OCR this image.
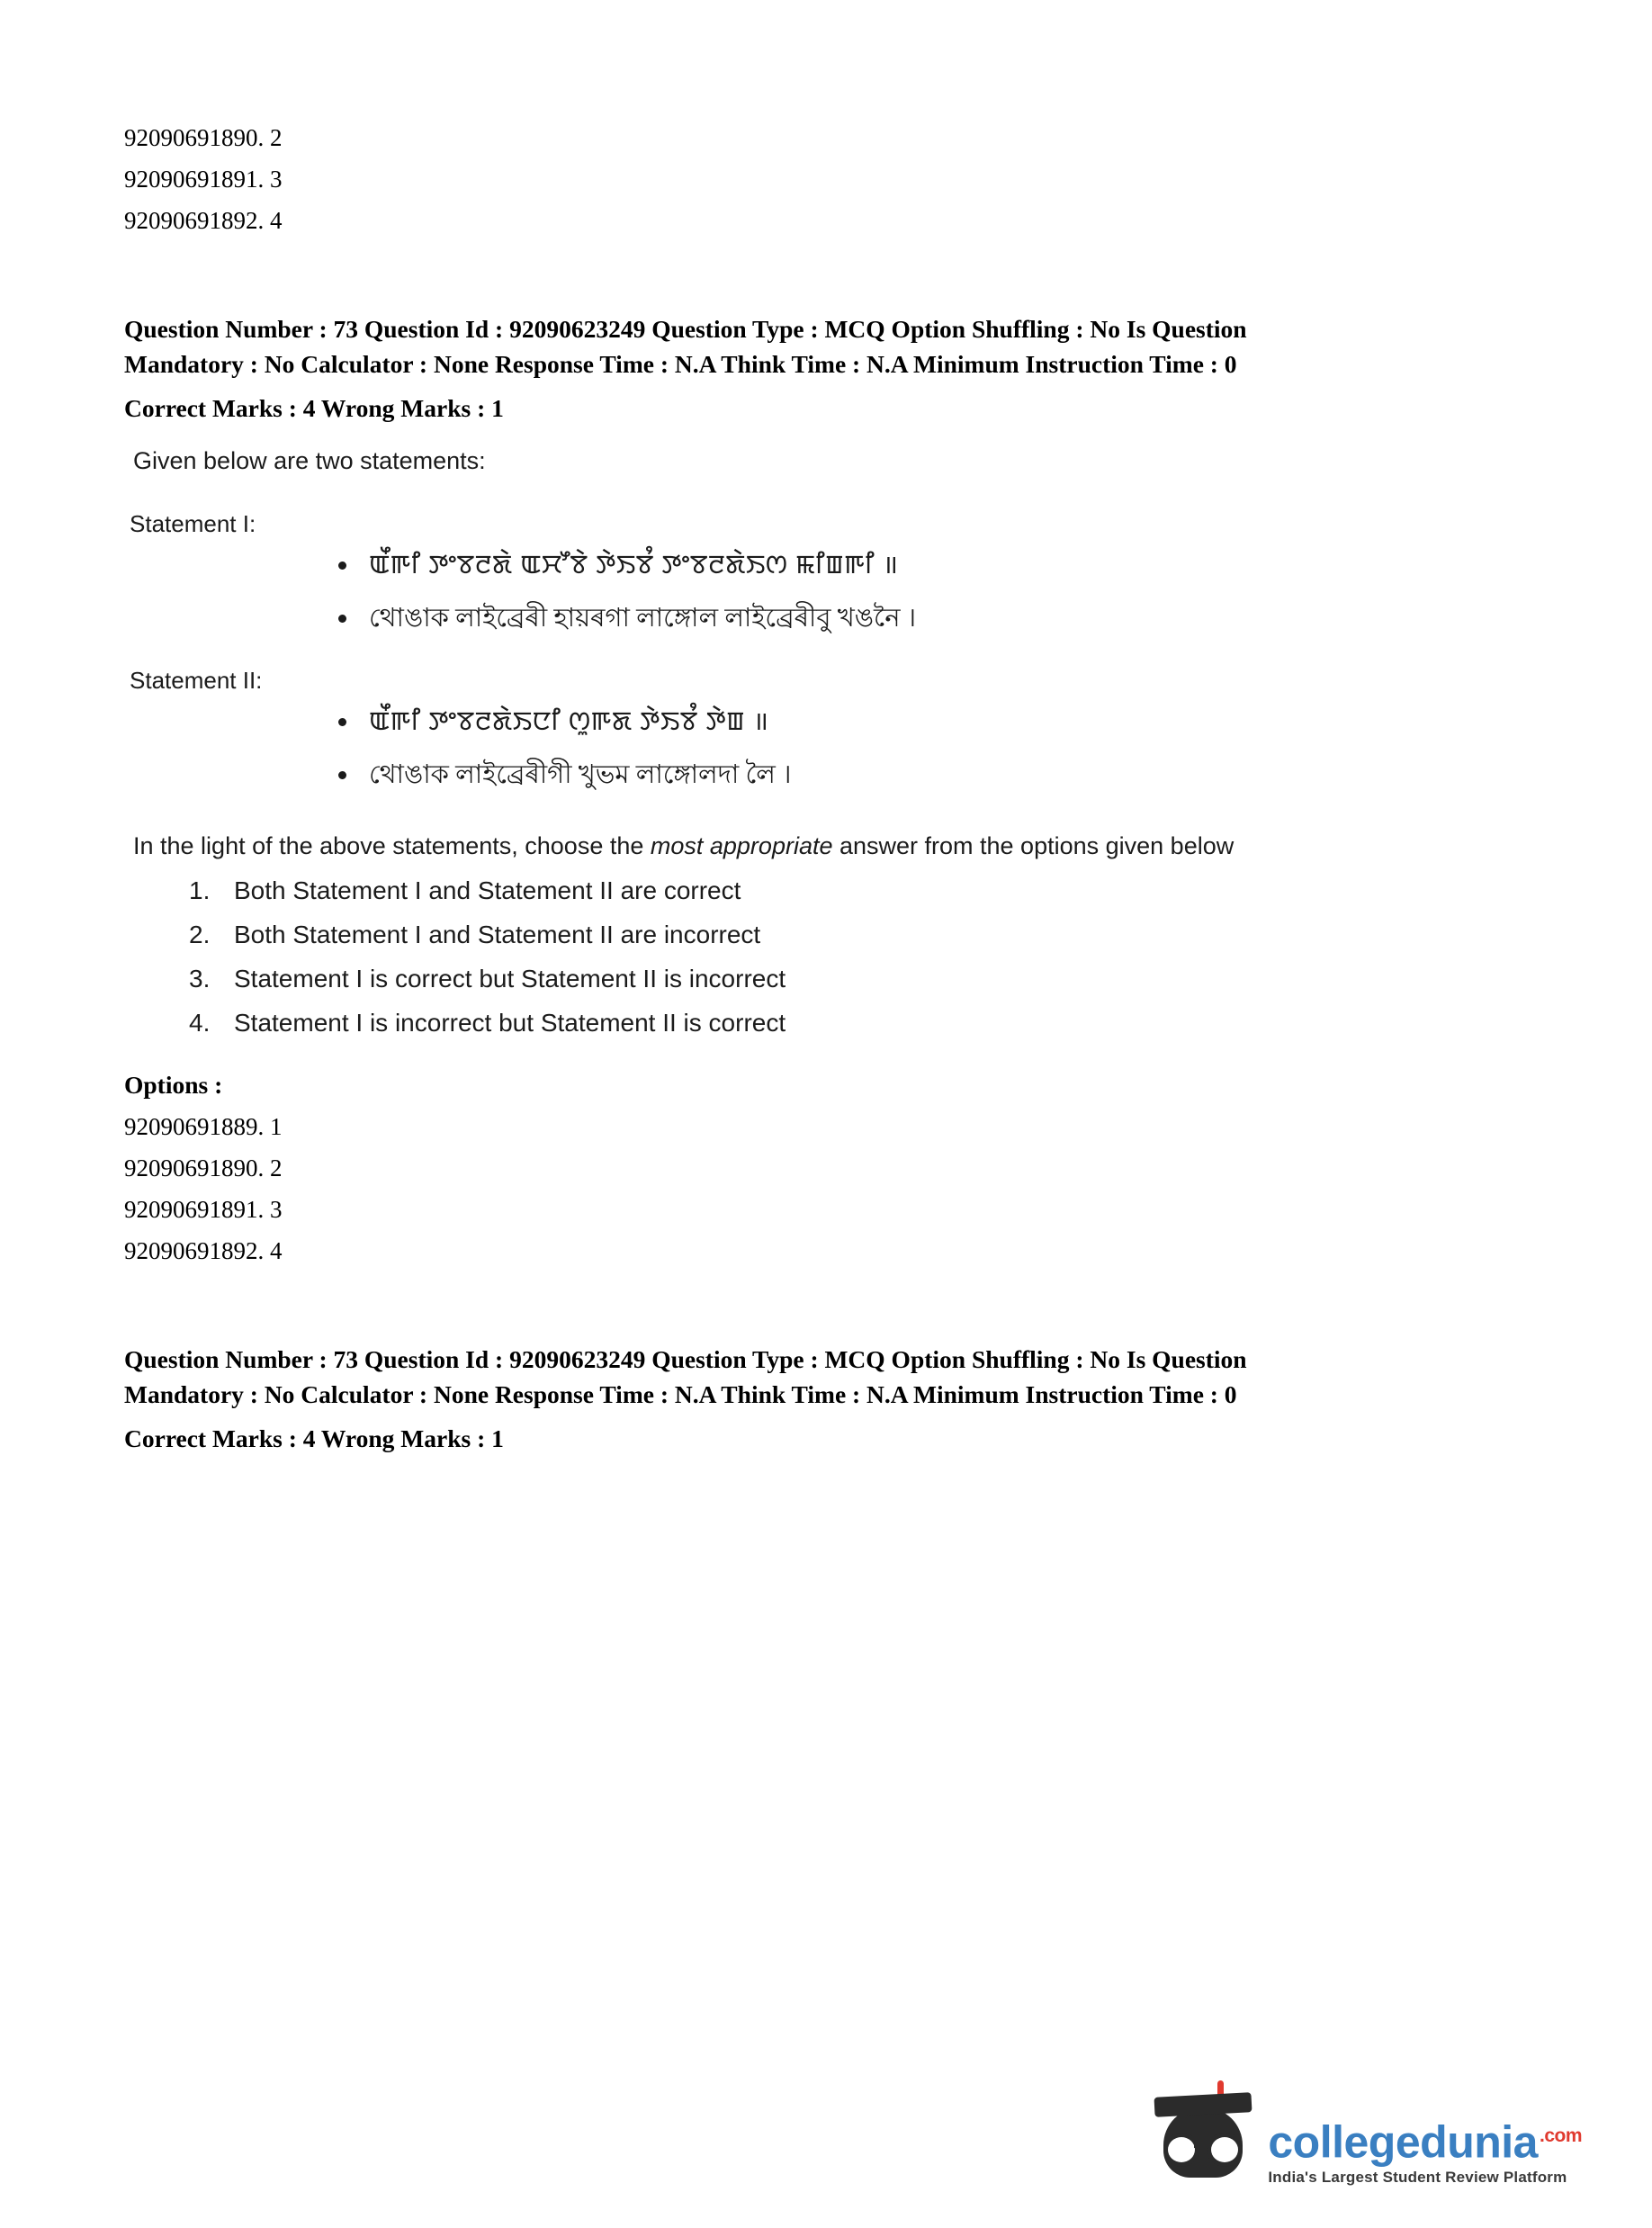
92090691890. 2
92090691891. 3
92090691892. 4
Question Number : 73 Question Id : 92090623249 Question Type : MCQ Option Shuffling : No Is Question
Mandatory : No Calculator : None Response Time : N.A Think Time : N.A Minimum Instruction Time : 0
Correct Marks : 4 Wrong Marks : 1
Given below are two statements:
Statement I:
ꯑꯩꯒꯤ ꯇꯦꯕꯂꯗꯥ ꯑꯆꯧꯕꯥ ꯇꯥꯏꯕꯪ ꯇꯦꯕꯂꯗꯥꯏꯁ ꯃꯤꯡꯒꯤ ॥
থোঙাক লাইব্ৰেৰী হায়ৰগা লাঙ্গোল লাইব্ৰেৰীবু খঙনৈ ।
Statement II:
ꯑꯩꯒꯤ ꯇꯦꯕꯂꯗꯥꯏꯅꯤ ꯁꯨꯒꯗ ꯇꯥꯏꯕꯪ ꯇꯥꯡ ॥
থোঙাক লাইব্ৰেৰীগী খুভম লাঙ্গোলদা লৈ ।
In the light of the above statements, choose the most appropriate answer from the options given below
Both Statement I and Statement II are correct
Both Statement I and Statement II are incorrect
Statement I is correct but Statement II is incorrect
Statement I is incorrect but Statement II is correct
Options :
92090691889. 1
92090691890. 2
92090691891. 3
92090691892. 4
Question Number : 73 Question Id : 92090623249 Question Type : MCQ Option Shuffling : No Is Question
Mandatory : No Calculator : None Response Time : N.A Think Time : N.A Minimum Instruction Time : 0
Correct Marks : 4 Wrong Marks : 1
collegedunia$^{.com}$
India's Largest Student Review Platform
